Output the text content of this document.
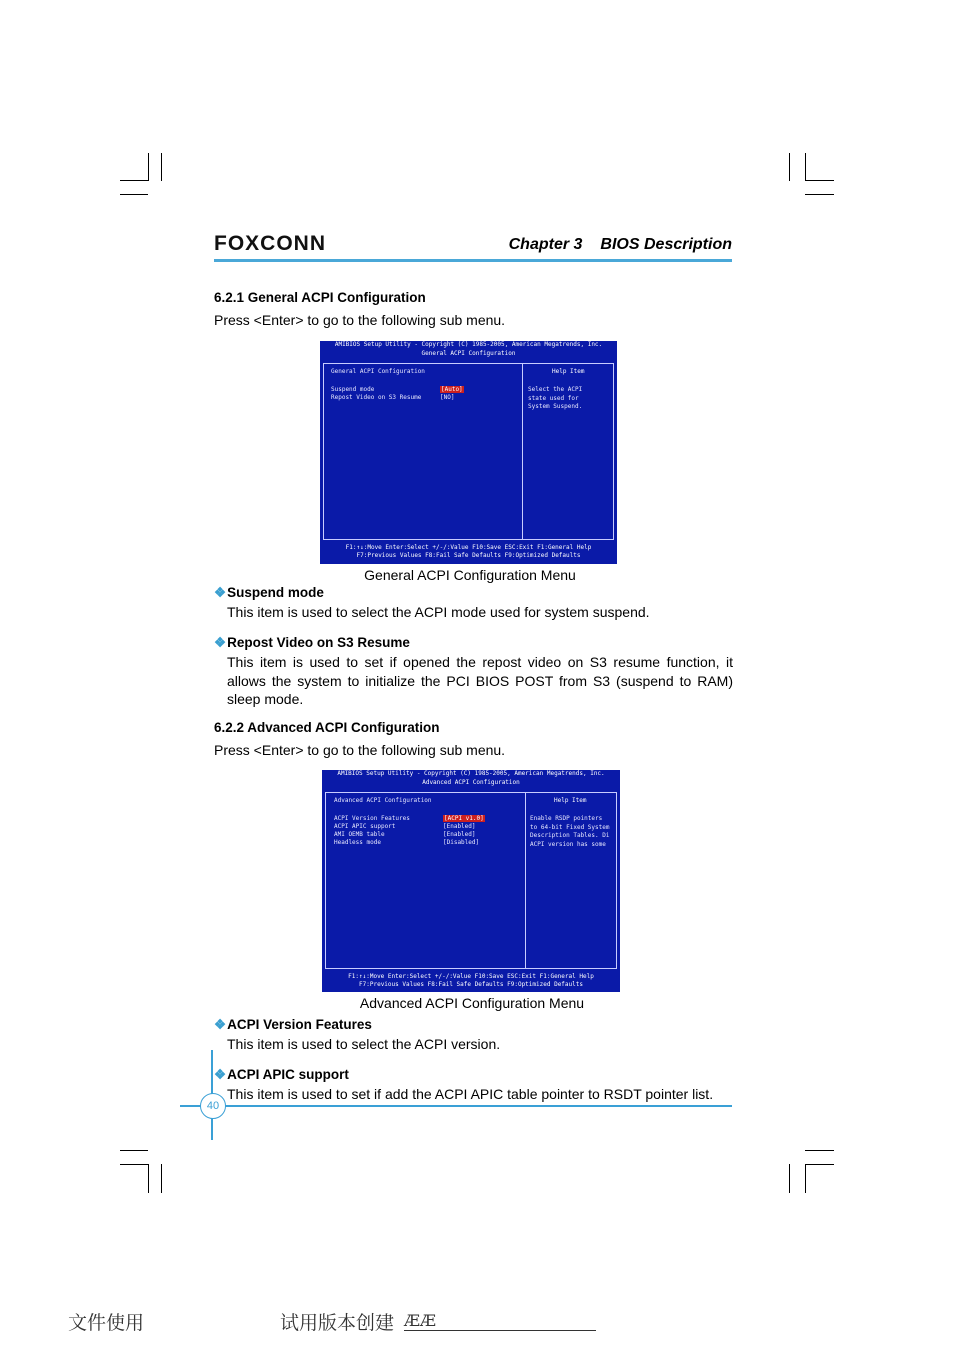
FOXCONN	Chapter 3 BIOS Description
6.2.1 General ACPI Configuration
Press <Enter> to go to the following sub menu.
AMIBIOS Setup Utility - Copyright (C) 1985-2005, American Megatrends, Inc.
General ACPI Configuration
General ACPI Configuration	Help Item
Suspend mode	[Auto]
Repost Video on S3 Resume	[NO]
Select the ACPI
state used for
System Suspend.
F1:↑↓:Move Enter:Select +/-/:Value F10:Save ESC:Exit F1:General Help
F7:Previous Values F8:Fail Safe Defaults F9:Optimized Defaults
General ACPI Configuration Menu
❖Suspend mode
This item is used to select the ACPI mode used for system suspend.
❖Repost Video on S3 Resume
This item is used to set if opened the repost video on S3 resume function, it allows the system to initialize the PCI BIOS POST from S3 (suspend to RAM) sleep mode.
6.2.2 Advanced ACPI Configuration
Press <Enter> to go to the following sub menu.
AMIBIOS Setup Utility - Copyright (C) 1985-2005, American Megatrends, Inc.
Advanced ACPI Configuration
Advanced ACPI Configuration	Help Item
ACPI Version Features	[ACPI v1.0]
ACPI APIC support	[Enabled]
AMI OEMB table	[Enabled]
Headless mode	[Disabled]
Enable RSDP pointers
to 64-bit Fixed System
Description Tables. Di
ACPI version has some
F1:↑↓:Move Enter:Select +/-/:Value F10:Save ESC:Exit F1:General Help
F7:Previous Values F8:Fail Safe Defaults F9:Optimized Defaults
Advanced ACPI Configuration Menu
❖ACPI Version Features
This item is used to select the ACPI version.
❖ACPI APIC support
This item is used to set if add the ACPI APIC table pointer to RSDT pointer list.
40
文件使用	试用版本创建 ÆÆ
